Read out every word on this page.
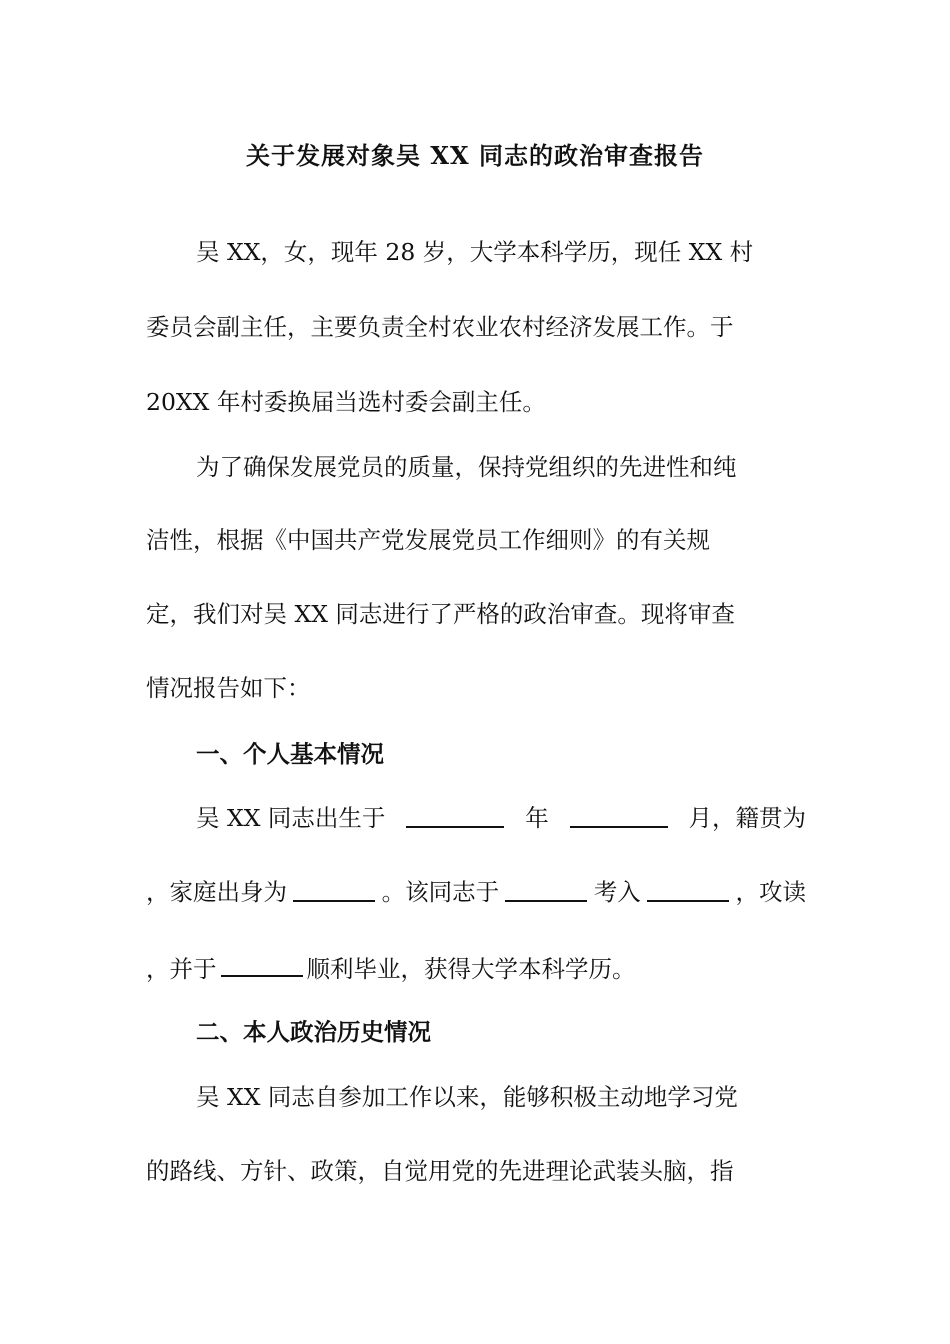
关于发展对象吴 XX 同志的政治审查报告
吴 XX，女，现年 28 岁，大学本科学历，现任 XX 村
委员会副主任，主要负责全村农业农村经济发展工作。于
20XX 年村委换届当选村委会副主任。
为了确保发展党员的质量，保持党组织的先进性和纯
洁性，根据《中国共产党发展党员工作细则》的有关规
定，我们对吴 XX 同志进行了严格的政治审查。现将审查
情况报告如下：
一、个人基本情况
吴 XX 同志出生于	年	月，籍贯为
，家庭出身为	。该同志于	考入	，攻读
，并于	顺利毕业，获得大学本科学历。
二、本人政治历史情况
吴 XX 同志自参加工作以来，能够积极主动地学习党
的路线、方针、政策，自觉用党的先进理论武装头脑，指
